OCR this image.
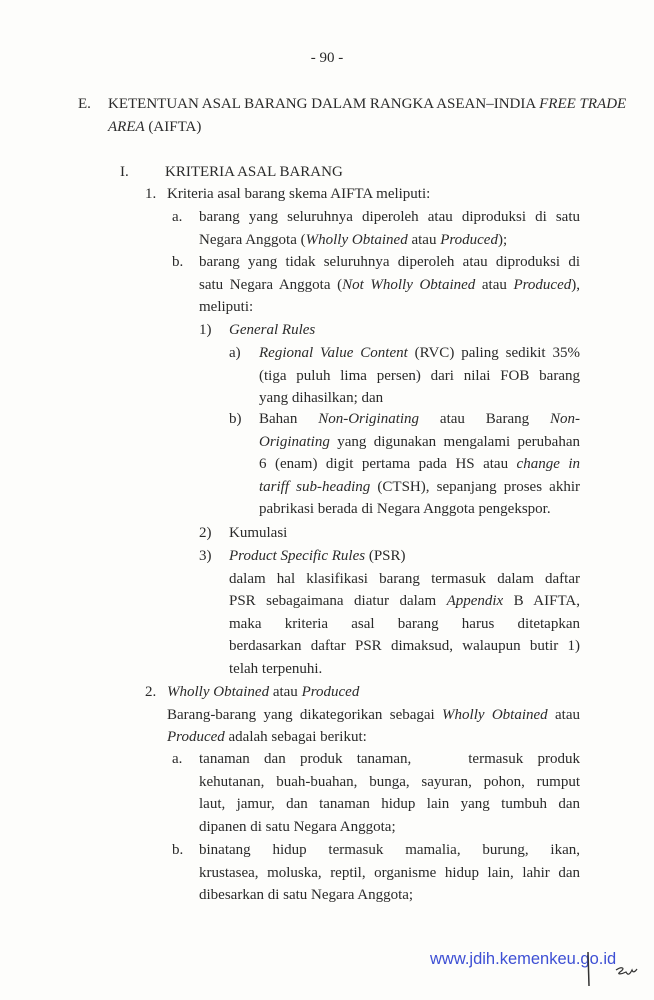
- 90 -
E. KETENTUAN ASAL BARANG DALAM RANGKA ASEAN–INDIA FREE TRADE
AREA (AIFTA)
I. KRITERIA ASAL BARANG
1. Kriteria asal barang skema AIFTA meliputi:
a. barang yang seluruhnya diperoleh atau diproduksi di satu
Negara Anggota (Wholly Obtained atau Produced);
b. barang yang tidak seluruhnya diperoleh atau diproduksi di
satu Negara Anggota (Not Wholly Obtained atau Produced),
meliputi:
1) General Rules
a) Regional Value Content (RVC) paling sedikit 35%
(tiga puluh lima persen) dari nilai FOB barang
yang dihasilkan; dan
b) Bahan Non-Originating atau Barang Non-
Originating yang digunakan mengalami perubahan
6 (enam) digit pertama pada HS atau change in
tariff sub-heading (CTSH), sepanjang proses akhir
pabrikasi berada di Negara Anggota pengekspor.
2) Kumulasi
3) Product Specific Rules (PSR)
dalam hal klasifikasi barang termasuk dalam daftar
PSR sebagaimana diatur dalam Appendix B AIFTA,
maka kriteria asal barang harus ditetapkan
berdasarkan daftar PSR dimaksud, walaupun butir 1)
telah terpenuhi.
2. Wholly Obtained atau Produced
Barang-barang yang dikategorikan sebagai Wholly Obtained atau
Produced adalah sebagai berikut:
a. tanaman dan produk tanaman,    termasuk produk
kehutanan, buah-buahan, bunga, sayuran, pohon, rumput
laut, jamur, dan tanaman hidup lain yang tumbuh dan
dipanen di satu Negara Anggota;
b. binatang hidup termasuk mamalia, burung, ikan,
krustasea, moluska, reptil, organisme hidup lain, lahir dan
dibesarkan di satu Negara Anggota;
www.jdih.kemenkeu.go.id
